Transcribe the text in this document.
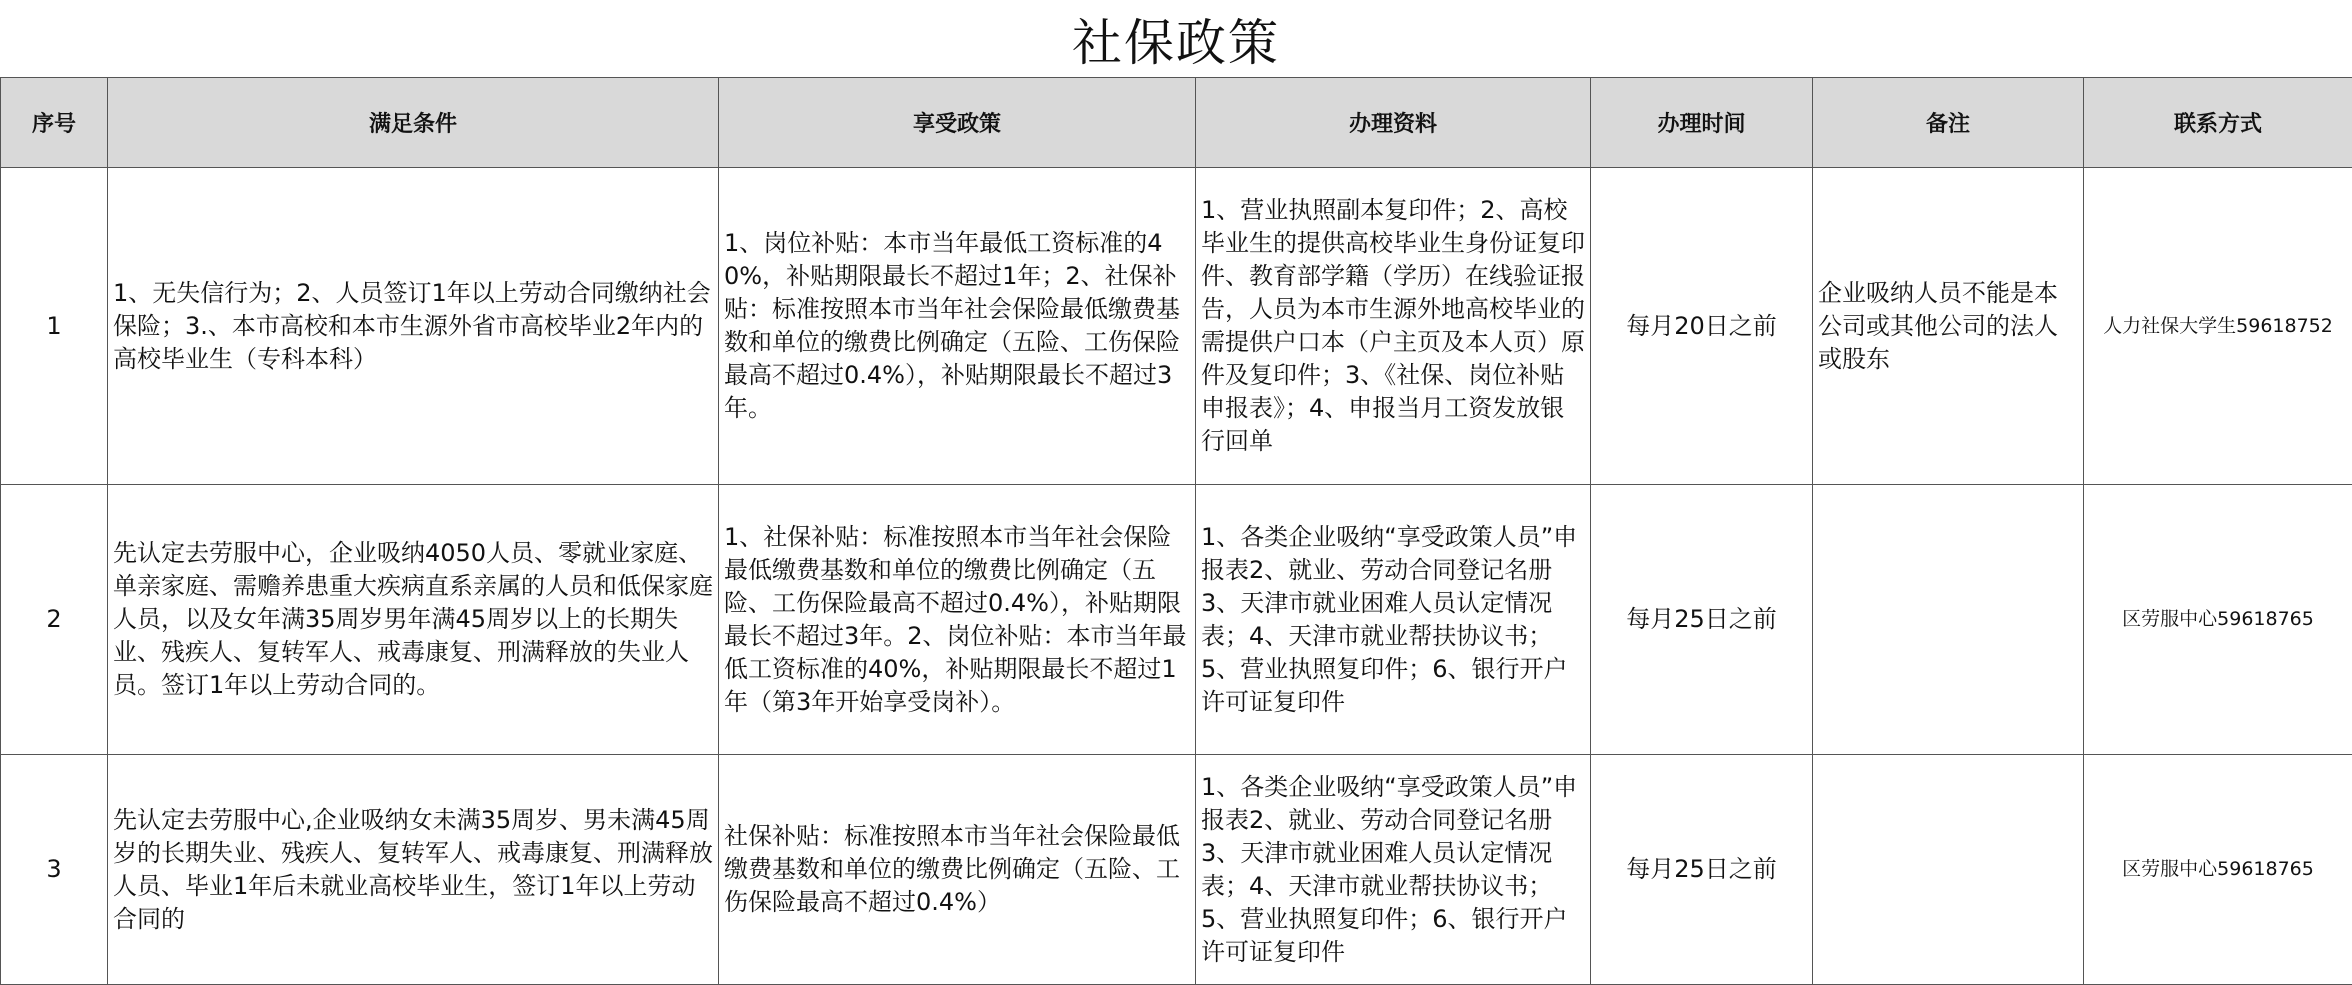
社保政策
序号	满足条件	享受政策	办理资料	办理时间	备注	联系方式
1	1、无失信行为；2、人员签订1年以上劳动合同缴纳社会保险；3.、本市高校和本市生源外省市高校毕业2年内的高校毕业生（专科本科）	1、岗位补贴：本市当年最低工资标准的40%，补贴期限最长不超过1年；2、社保补贴：标准按照本市当年社会保险最低缴费基数和单位的缴费比例确定（五险、工伤保险最高不超过0.4%），补贴期限最长不超过3年。	1、营业执照副本复印件；2、高校毕业生的提供高校毕业生身份证复印件、教育部学籍（学历）在线验证报告，人员为本市生源外地高校毕业的需提供户口本（户主页及本人页）原件及复印件；3、《社保、岗位补贴申报表》；4、申报当月工资发放银行回单	每月20日之前	企业吸纳人员不能是本公司或其他公司的法人或股东	人力社保大学生59618752
2	先认定去劳服中心，企业吸纳4050人员、零就业家庭、单亲家庭、需赡养患重大疾病直系亲属的人员和低保家庭人员，以及女年满35周岁男年满45周岁以上的长期失业、残疾人、复转军人、戒毒康复、刑满释放的失业人员。签订1年以上劳动合同的。	1、社保补贴：标准按照本市当年社会保险最低缴费基数和单位的缴费比例确定（五险、工伤保险最高不超过0.4%），补贴期限最长不超过3年。2、岗位补贴：本市当年最低工资标准的40%，补贴期限最长不超过1年（第3年开始享受岗补）。	1、各类企业吸纳“享受政策人员”申报表2、就业、劳动合同登记名册3、天津市就业困难人员认定情况表；4、天津市就业帮扶协议书；5、营业执照复印件；6、银行开户许可证复印件	每月25日之前		区劳服中心59618765
3	先认定去劳服中心,企业吸纳女未满35周岁、男未满45周岁的长期失业、残疾人、复转军人、戒毒康复、刑满释放人员、毕业1年后未就业高校毕业生，签订1年以上劳动合同的	社保补贴：标准按照本市当年社会保险最低缴费基数和单位的缴费比例确定（五险、工伤保险最高不超过0.4%）	1、各类企业吸纳“享受政策人员”申报表2、就业、劳动合同登记名册3、天津市就业困难人员认定情况表；4、天津市就业帮扶协议书；5、营业执照复印件；6、银行开户许可证复印件	每月25日之前		区劳服中心59618765
